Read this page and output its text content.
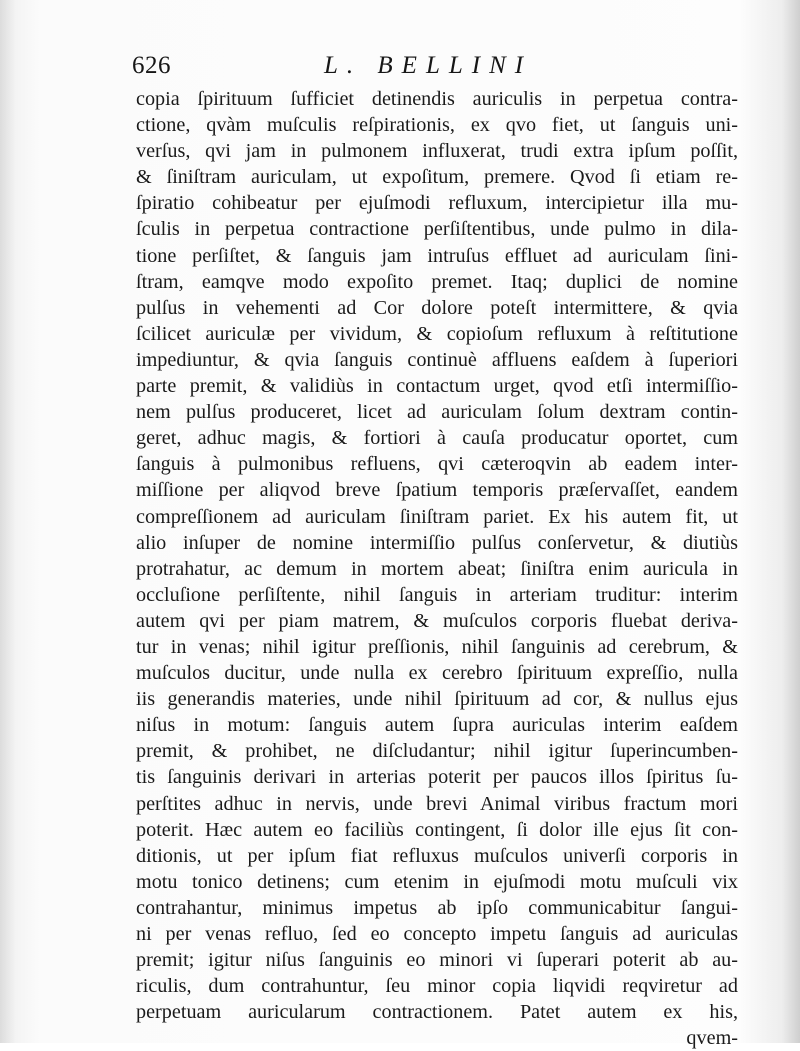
626	L. BELLINI
copia ſpirituum ſufficiet detinendis auriculis in perpetua contra-
ctione, qvàm muſculis reſpirationis, ex qvo fiet, ut ſanguis uni-
verſus, qvi jam in pulmonem influxerat, trudi extra ipſum poſſit,
& ſiniſtram auriculam, ut expoſitum, premere. Qvod ſi etiam re-
ſpiratio cohibeatur per ejuſmodi refluxum, intercipietur illa mu-
ſculis in perpetua contractione perſiſtentibus, unde pulmo in dila-
tione perſiſtet, & ſanguis jam intruſus effluet ad auriculam ſini-
ſtram, eamqve modo expoſito premet. Itaq; duplici de nomine
pulſus in vehementi ad Cor dolore poteſt intermittere, & qvia
ſcilicet auriculæ per vividum, & copioſum refluxum à reſtitutione
impediuntur, & qvia ſanguis continuè affluens eaſdem à ſuperiori
parte premit, & validiùs in contactum urget, qvod etſi intermiſſio-
nem pulſus produceret, licet ad auriculam ſolum dextram contin-
geret, adhuc magis, & fortiori à cauſa producatur oportet, cum
ſanguis à pulmonibus refluens, qvi cæteroqvin ab eadem inter-
miſſione per aliqvod breve ſpatium temporis præſervaſſet, eandem
compreſſionem ad auriculam ſiniſtram pariet. Ex his autem fit, ut
alio inſuper de nomine intermiſſio pulſus conſervetur, & diutiùs
protrahatur, ac demum in mortem abeat; ſiniſtra enim auricula in
occluſione perſiſtente, nihil ſanguis in arteriam truditur: interim
autem qvi per piam matrem, & muſculos corporis fluebat deriva-
tur in venas; nihil igitur preſſionis, nihil ſanguinis ad cerebrum, &
muſculos ducitur, unde nulla ex cerebro ſpirituum expreſſio, nulla
iis generandis materies, unde nihil ſpirituum ad cor, & nullus ejus
niſus in motum: ſanguis autem ſupra auriculas interim eaſdem
premit, & prohibet, ne diſcludantur; nihil igitur ſuperincumben-
tis ſanguinis derivari in arterias poterit per paucos illos ſpiritus ſu-
perſtites adhuc in nervis, unde brevi Animal viribus fractum mori
poterit. Hæc autem eo faciliùs contingent, ſi dolor ille ejus ſit con-
ditionis, ut per ipſum fiat refluxus muſculos univerſi corporis in
motu tonico detinens; cum etenim in ejuſmodi motu muſculi vix
contrahantur, minimus impetus ab ipſo communicabitur ſangui-
ni per venas refluo, ſed eo concepto impetu ſanguis ad auriculas
premit; igitur niſus ſanguinis eo minori vi ſuperari poterit ab au-
riculis, dum contrahuntur, ſeu minor copia liqvidi reqviretur ad
perpetuam auricularum contractionem. Patet autem ex his,
qvem-
